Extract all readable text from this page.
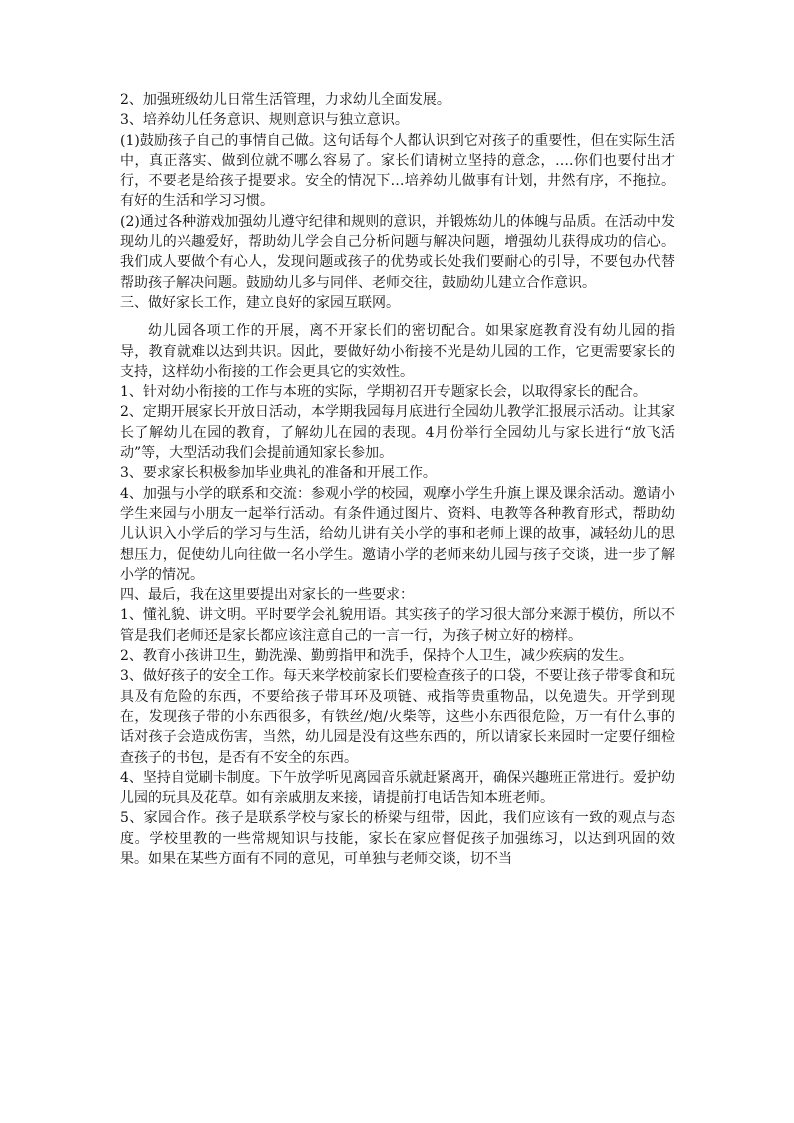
2、加强班级幼儿日常生活管理，力求幼儿全面发展。

3、培养幼儿任务意识、规则意识与独立意识。

(1)鼓励孩子自己的事情自己做。这句话每个人都认识到它对孩子的重要性，但在实际生活中，真正落实、做到位就不哪么容易了。家长们请树立坚持的意念，….你们也要付出才行，不要老是给孩子提要求。安全的情况下…培养幼儿做事有计划，井然有序，不拖拉。有好的生活和学习习惯。

(2)通过各种游戏加强幼儿遵守纪律和规则的意识，并锻炼幼儿的体魄与品质。在活动中发现幼儿的兴趣爱好，帮助幼儿学会自己分析问题与解决问题，增强幼儿获得成功的信心。我们成人要做个有心人，发现问题或孩子的优势或长处我们要耐心的引导，不要包办代替帮助孩子解决问题。鼓励幼儿多与同伴、老师交往，鼓励幼儿建立合作意识。

三、做好家长工作，建立良好的家园互联网。

幼儿园各项工作的开展，离不开家长们的密切配合。如果家庭教育没有幼儿园的指导，教育就难以达到共识。因此，要做好幼小衔接不光是幼儿园的工作，它更需要家长的支持，这样幼小衔接的工作会更具它的实效性。

1、针对幼小衔接的工作与本班的实际，学期初召开专题家长会，以取得家长的配合。

2、定期开展家长开放日活动，本学期我园每月底进行全园幼儿教学汇报展示活动。让其家长了解幼儿在园的教育，了解幼儿在园的表现。4月份举行全园幼儿与家长进行“放飞活动”等，大型活动我们会提前通知家长参加。

3、要求家长积极参加毕业典礼的准备和开展工作。

4、加强与小学的联系和交流：参观小学的校园，观摩小学生升旗上课及课余活动。邀请小学生来园与小朋友一起举行活动。有条件通过图片、资料、电教等各种教育形式，帮助幼儿认识入小学后的学习与生活，给幼儿讲有关小学的事和老师上课的故事，减轻幼儿的思想压力，促使幼儿向往做一名小学生。邀请小学的老师来幼儿园与孩子交谈，进一步了解小学的情况。

四、最后，我在这里要提出对家长的一些要求：

1、懂礼貌、讲文明。平时要学会礼貌用语。其实孩子的学习很大部分来源于模仿，所以不管是我们老师还是家长都应该注意自己的一言一行，为孩子树立好的榜样。

2、教育小孩讲卫生，勤洗澡、勤剪指甲和洗手，保持个人卫生，减少疾病的发生。

3、做好孩子的安全工作。每天来学校前家长们要检查孩子的口袋，不要让孩子带零食和玩具及有危险的东西，不要给孩子带耳环及项链、戒指等贵重物品，以免遗失。开学到现在，发现孩子带的小东西很多，有铁丝/炮/火柴等，这些小东西很危险，万一有什么事的话对孩子会造成伤害，当然，幼儿园是没有这些东西的，所以请家长来园时一定要仔细检查孩子的书包，是否有不安全的东西。

4、坚持自觉刷卡制度。下午放学听见离园音乐就赶紧离开，确保兴趣班正常进行。爱护幼儿园的玩具及花草。如有亲戚朋友来接，请提前打电话告知本班老师。

5、家园合作。孩子是联系学校与家长的桥梁与纽带，因此，我们应该有一致的观点与态度。学校里教的一些常规知识与技能，家长在家应督促孩子加强练习，以达到巩固的效果。如果在某些方面有不同的意见，可单独与老师交谈，切不当
